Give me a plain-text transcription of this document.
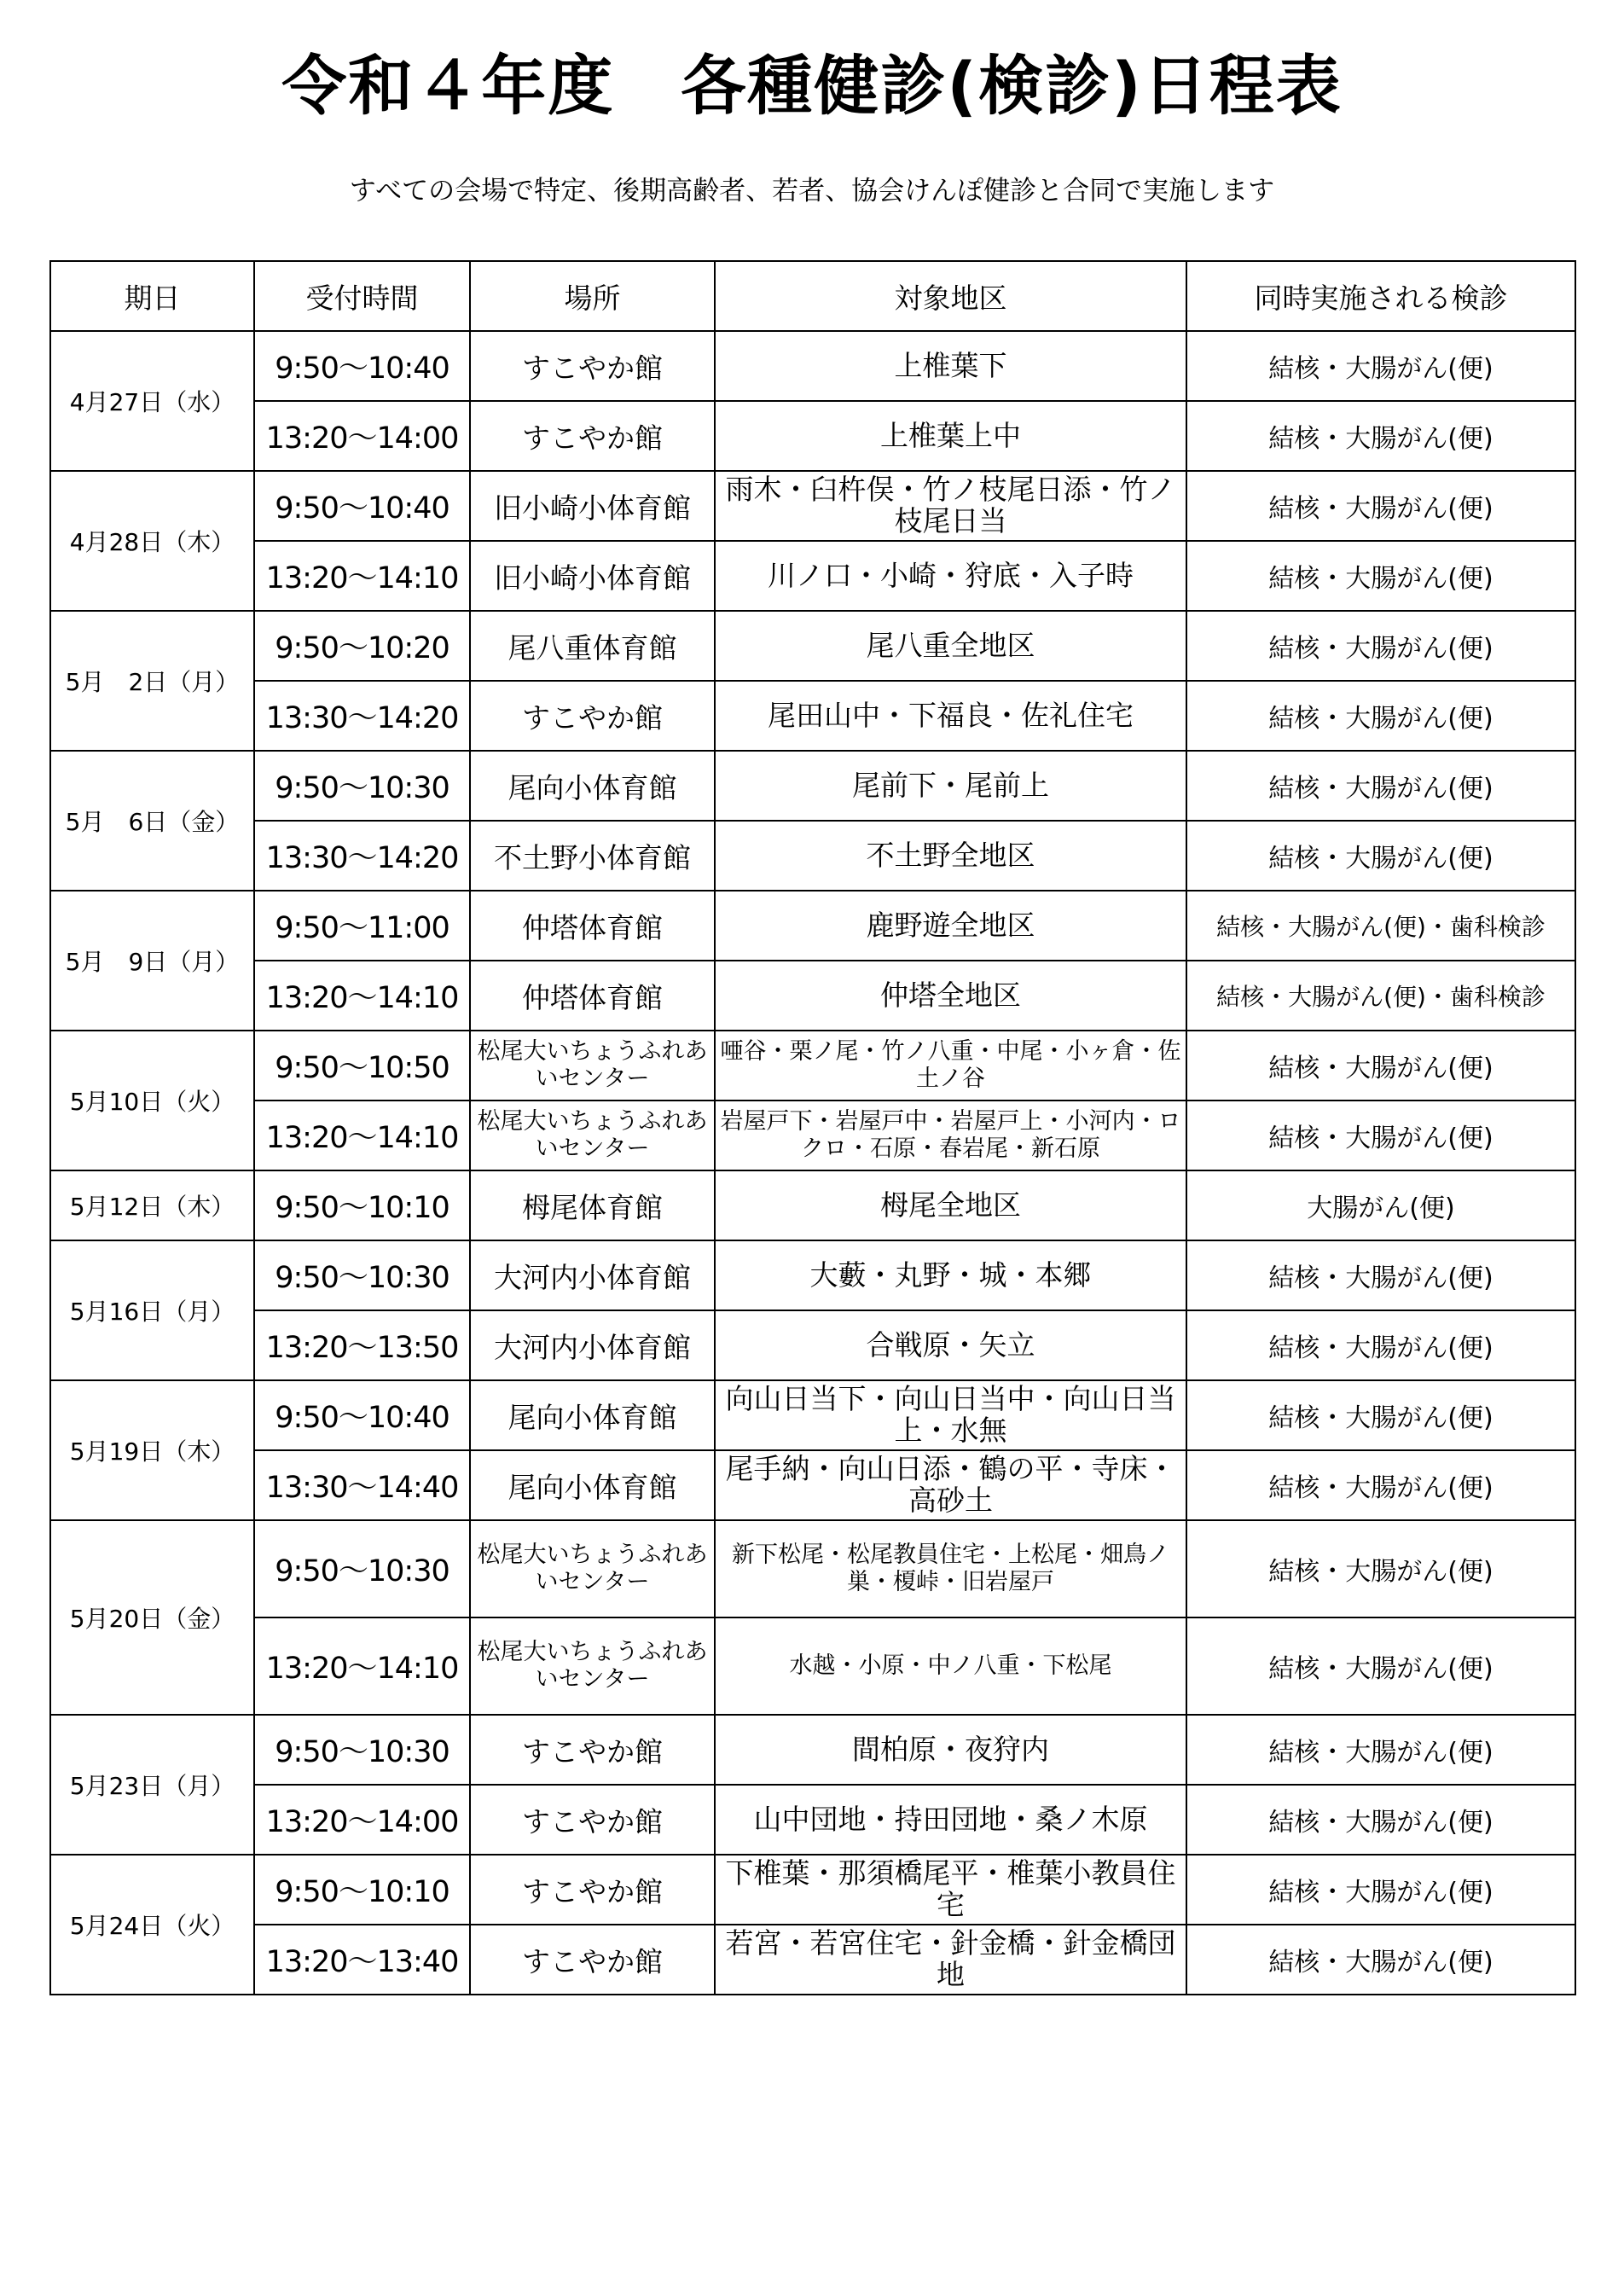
令和４年度　各種健診(検診)日程表
すべての会場で特定、後期高齢者、若者、協会けんぽ健診と合同で実施します
期日	受付時間	場所	対象地区	同時実施される検診
4月27日（水）	9:50～10:40	すこやか館	上椎葉下	結核・大腸がん(便)
	13:20～14:00	すこやか館	上椎葉上中	結核・大腸がん(便)
4月28日（木）	9:50～10:40	旧小崎小体育館	雨木・臼杵俣・竹ノ枝尾日添・竹ノ枝尾日当	結核・大腸がん(便)
	13:20～14:10	旧小崎小体育館	川ノ口・小崎・狩底・入子時	結核・大腸がん(便)
5月　2日（月）	9:50～10:20	尾八重体育館	尾八重全地区	結核・大腸がん(便)
	13:30～14:20	すこやか館	尾田山中・下福良・佐礼住宅	結核・大腸がん(便)
5月　6日（金）	9:50～10:30	尾向小体育館	尾前下・尾前上	結核・大腸がん(便)
	13:30～14:20	不土野小体育館	不土野全地区	結核・大腸がん(便)
5月　9日（月）	9:50～11:00	仲塔体育館	鹿野遊全地区	結核・大腸がん(便)・歯科検診
	13:20～14:10	仲塔体育館	仲塔全地区	結核・大腸がん(便)・歯科検診
5月10日（火）	9:50～10:50	松尾大いちょうふれあいセンター	唖谷・栗ノ尾・竹ノ八重・中尾・小ヶ倉・佐土ノ谷	結核・大腸がん(便)
	13:20～14:10	松尾大いちょうふれあいセンター	岩屋戸下・岩屋戸中・岩屋戸上・小河内・ロクロ・石原・春岩尾・新石原	結核・大腸がん(便)
5月12日（木）	9:50～10:10	栂尾体育館	栂尾全地区	大腸がん(便)
5月16日（月）	9:50～10:30	大河内小体育館	大藪・丸野・城・本郷	結核・大腸がん(便)
	13:20～13:50	大河内小体育館	合戦原・矢立	結核・大腸がん(便)
5月19日（木）	9:50～10:40	尾向小体育館	向山日当下・向山日当中・向山日当上・水無	結核・大腸がん(便)
	13:30～14:40	尾向小体育館	尾手納・向山日添・鶴の平・寺床・高砂土	結核・大腸がん(便)
5月20日（金）	9:50～10:30	松尾大いちょうふれあいセンター	新下松尾・松尾教員住宅・上松尾・畑鳥ノ巣・榎峠・旧岩屋戸	結核・大腸がん(便)
	13:20～14:10	松尾大いちょうふれあいセンター	水越・小原・中ノ八重・下松尾	結核・大腸がん(便)
5月23日（月）	9:50～10:30	すこやか館	間柏原・夜狩内	結核・大腸がん(便)
	13:20～14:00	すこやか館	山中団地・持田団地・桑ノ木原	結核・大腸がん(便)
5月24日（火）	9:50～10:10	すこやか館	下椎葉・那須橋尾平・椎葉小教員住宅	結核・大腸がん(便)
	13:20～13:40	すこやか館	若宮・若宮住宅・針金橋・針金橋団地	結核・大腸がん(便)
